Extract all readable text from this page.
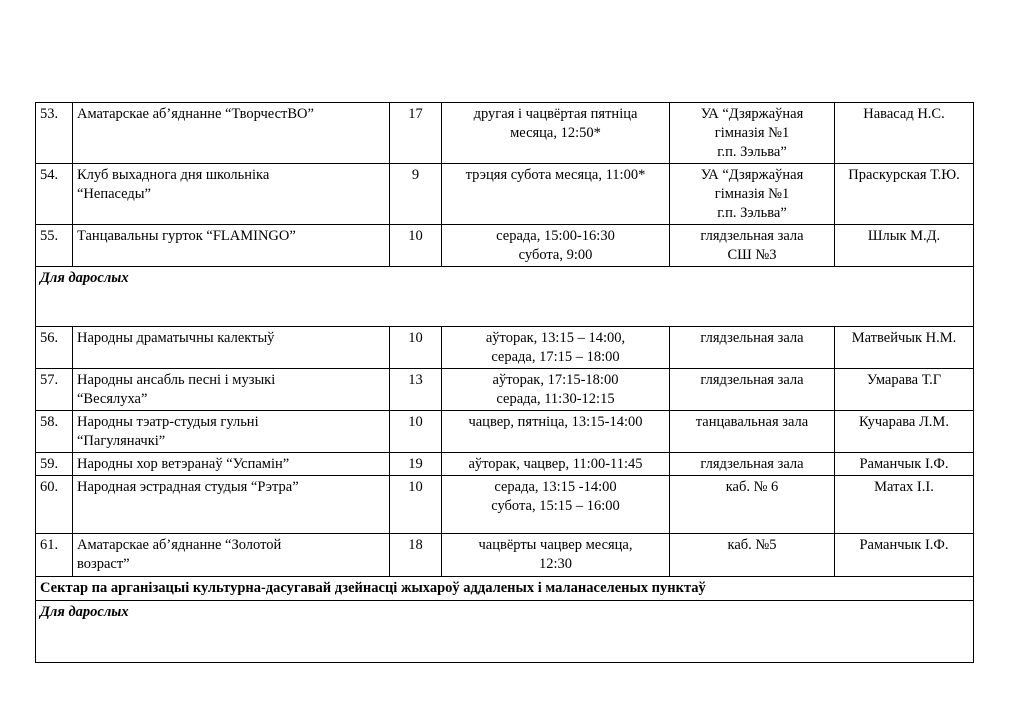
53.	Аматарскае аб’яднанне “ТворчестВО”	17	другая і чацвёртая пятніца
месяца, 12:50*	УА “Дзяржаўная
гімназія №1
г.п. Зэльва”	Навасад Н.С.
54.	Клуб выхаднога дня школьніка
“Непаседы”	9	трэцяя субота месяца, 11:00*	УА “Дзяржаўная
гімназія №1
г.п. Зэльва”	Праскурская Т.Ю.
55.	Танцавальны гурток “FLAMINGO”	10	серада, 15:00-16:30
субота, 9:00	глядзельная зала
СШ №3	Шлык М.Д.
Для дарослых					
56.	Народны драматычны калектыў	10	аўторак, 13:15 – 14:00,
серада, 17:15 – 18:00	глядзельная зала	Матвейчык Н.М.
57.	Народны ансабль песні і музыкі
“Весялуха”	13	аўторак, 17:15-18:00
серада, 11:30-12:15	глядзельная зала	Умарава Т.Г
58.	Народны тэатр-студыя гульні
“Пагуляначкі”	10	чацвер, пятніца, 13:15-14:00	танцавальная зала	Кучарава Л.М.
59.	Народны хор ветэранаў “Успамін”	19	аўторак, чацвер, 11:00-11:45	глядзельная зала	Раманчык І.Ф.
60.	Народная эстрадная студыя “Рэтра”	10	серада, 13:15 -14:00
субота, 15:15 – 16:00	каб. № 6	Матах І.І.
61.	Аматарскае аб’яднанне “Золотой
возраст”	18	чацвёрты чацвер месяца,
12:30	каб. №5	Раманчык І.Ф.
Сектар па арганізацыі культурна-дасугавай дзейнасці жыхароў аддаленых і маланаселеных пунктаў					
Для дарослых					
